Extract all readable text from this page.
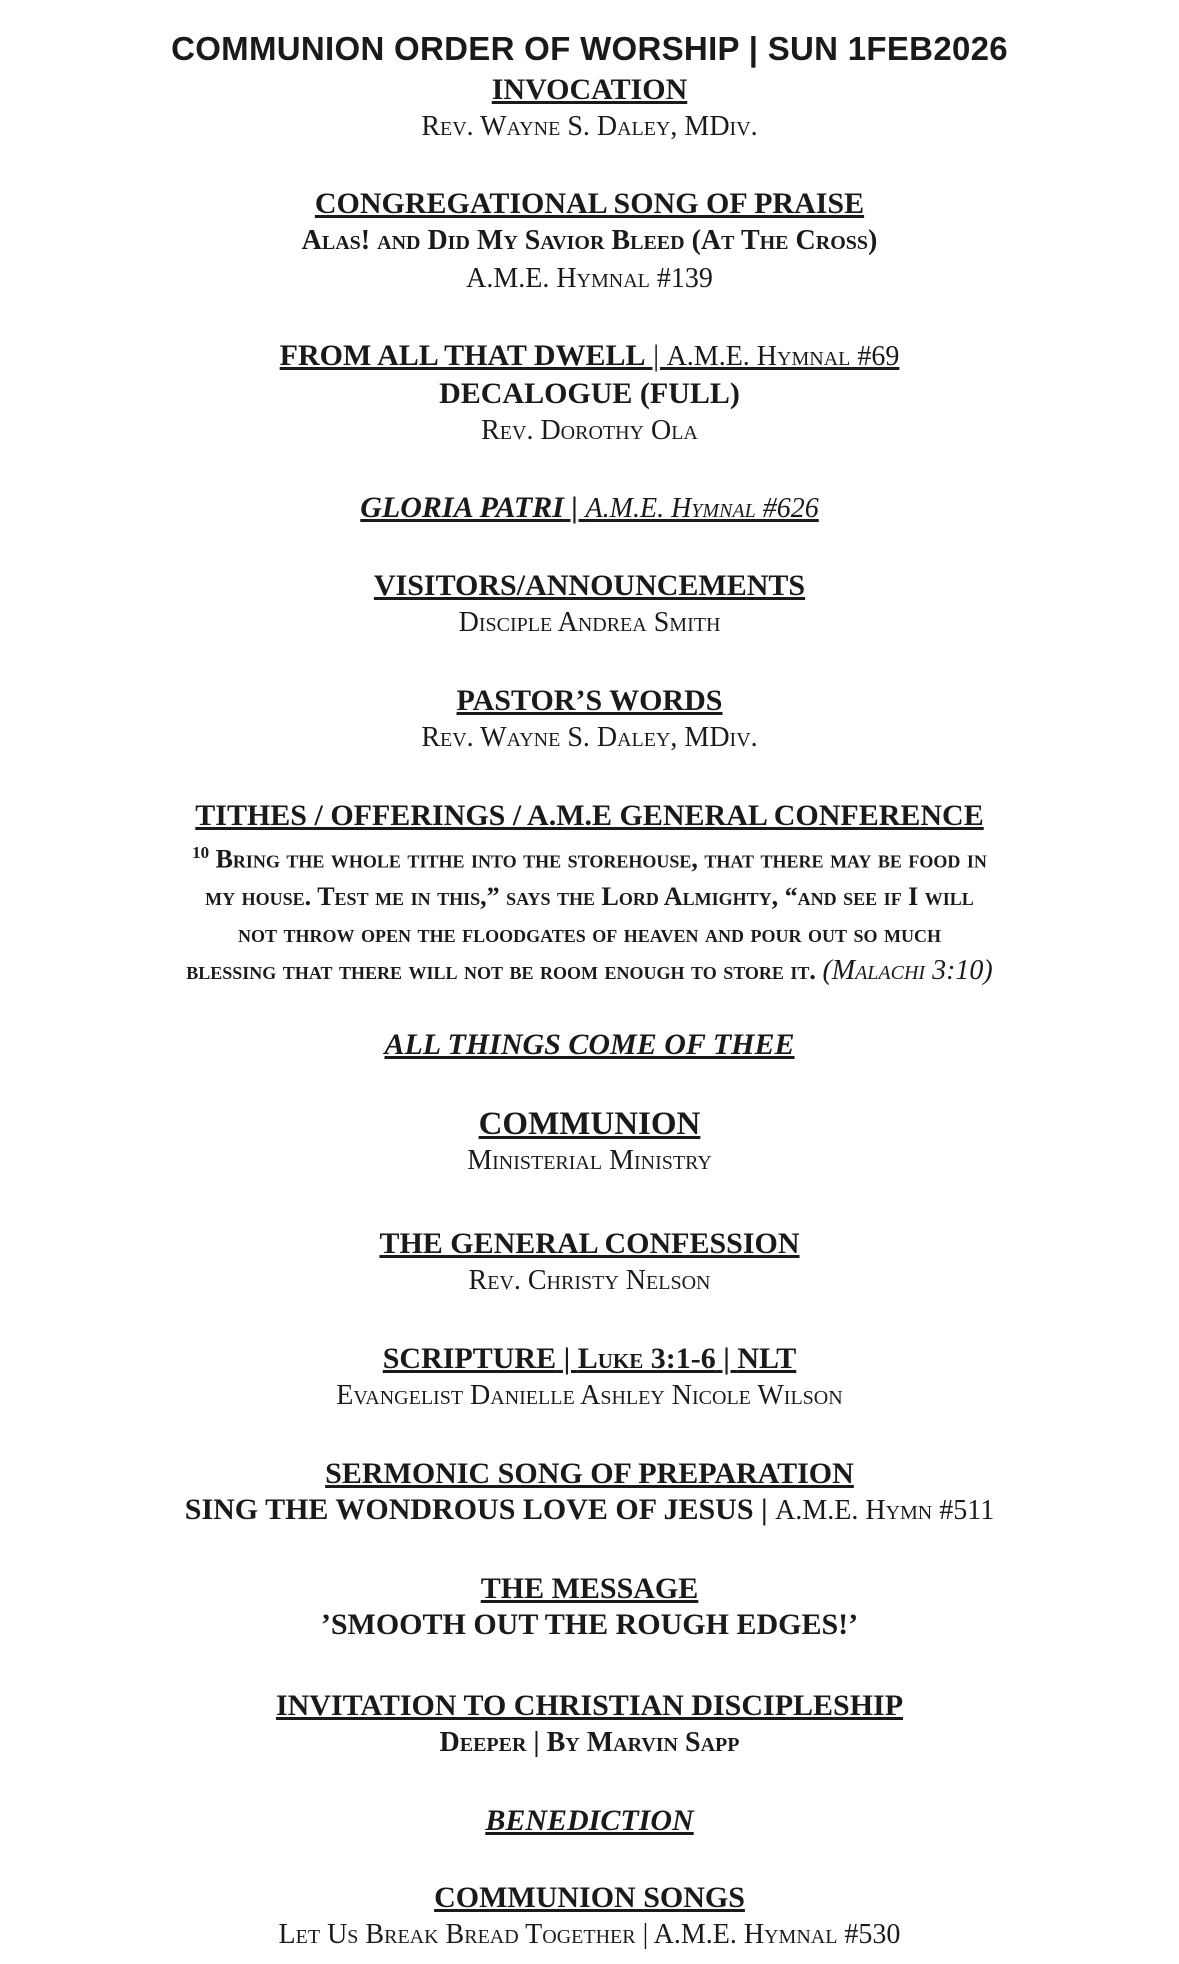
COMMUNION ORDER OF WORSHIP | SUN 1FEB2026
INVOCATION
Rev. Wayne S. Daley, MDiv.
CONGREGATIONAL SONG OF PRAISE
Alas! and Did My Savior Bleed (At The Cross)
A.M.E. Hymnal #139
FROM ALL THAT DWELL | A.M.E. Hymnal #69
DECALOGUE (FULL)
Rev. Dorothy Ola
GLORIA PATRI | A.M.E. Hymnal #626
VISITORS/ANNOUNCEMENTS
Disciple Andrea Smith
PASTOR’S WORDS
Rev. Wayne S. Daley, MDiv.
TITHES / OFFERINGS / A.M.E GENERAL CONFERENCE
$^{10}$ Bring the whole tithe into the storehouse, that there may be food in
my house. Test me in this,” says the Lord Almighty, “and see if I will
not throw open the floodgates of heaven and pour out so much
blessing that there will not be room enough to store it. (Malachi 3:10)
ALL THINGS COME OF THEE
COMMUNION
Ministerial Ministry
THE GENERAL CONFESSION
Rev. Christy Nelson
SCRIPTURE | Luke 3:1-6 | NLT
Evangelist Danielle Ashley Nicole Wilson
SERMONIC SONG OF PREPARATION
SING THE WONDROUS LOVE OF JESUS | A.M.E. Hymn #511
THE MESSAGE
’SMOOTH OUT THE ROUGH EDGES!’
INVITATION TO CHRISTIAN DISCIPLESHIP
Deeper | By Marvin Sapp
BENEDICTION
COMMUNION SONGS
Let Us Break Bread Together | A.M.E. Hymnal #530
